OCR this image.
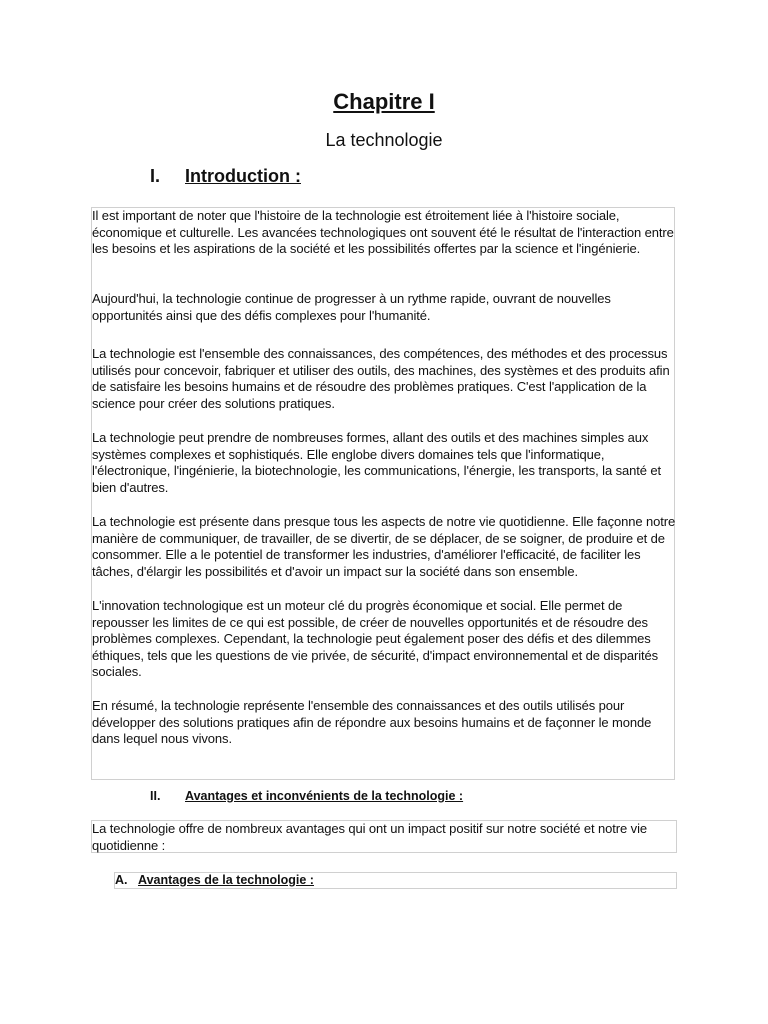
Chapitre I
La technologie
I. Introduction :

Il est important de noter que l'histoire de la technologie est étroitement liée à l'histoire sociale, économique et culturelle. Les avancées technologiques ont souvent été le résultat de l'interaction entre les besoins et les aspirations de la société et les possibilités offertes par la science et l'ingénierie.

Aujourd'hui, la technologie continue de progresser à un rythme rapide, ouvrant de nouvelles opportunités ainsi que des défis complexes pour l'humanité.

La technologie est l'ensemble des connaissances, des compétences, des méthodes et des processus utilisés pour concevoir, fabriquer et utiliser des outils, des machines, des systèmes et des produits afin de satisfaire les besoins humains et de résoudre des problèmes pratiques. C'est l'application de la science pour créer des solutions pratiques.

La technologie peut prendre de nombreuses formes, allant des outils et des machines simples aux systèmes complexes et sophistiqués. Elle englobe divers domaines tels que l'informatique, l'électronique, l'ingénierie, la biotechnologie, les communications, l'énergie, les transports, la santé et bien d'autres.

La technologie est présente dans presque tous les aspects de notre vie quotidienne. Elle façonne notre manière de communiquer, de travailler, de se divertir, de se déplacer, de se soigner, de produire et de consommer. Elle a le potentiel de transformer les industries, d'améliorer l'efficacité, de faciliter les tâches, d'élargir les possibilités et d'avoir un impact sur la société dans son ensemble.

L'innovation technologique est un moteur clé du progrès économique et social. Elle permet de repousser les limites de ce qui est possible, de créer de nouvelles opportunités et de résoudre des problèmes complexes. Cependant, la technologie peut également poser des défis et des dilemmes éthiques, tels que les questions de vie privée, de sécurité, d'impact environnemental et de disparités sociales.

En résumé, la technologie représente l'ensemble des connaissances et des outils utilisés pour développer des solutions pratiques afin de répondre aux besoins humains et de façonner le monde dans lequel nous vivons.

II. Avantages et inconvénients de la technologie :

La technologie offre de nombreux avantages qui ont un impact positif sur notre société et notre vie quotidienne :

A. Avantages de la technologie :
